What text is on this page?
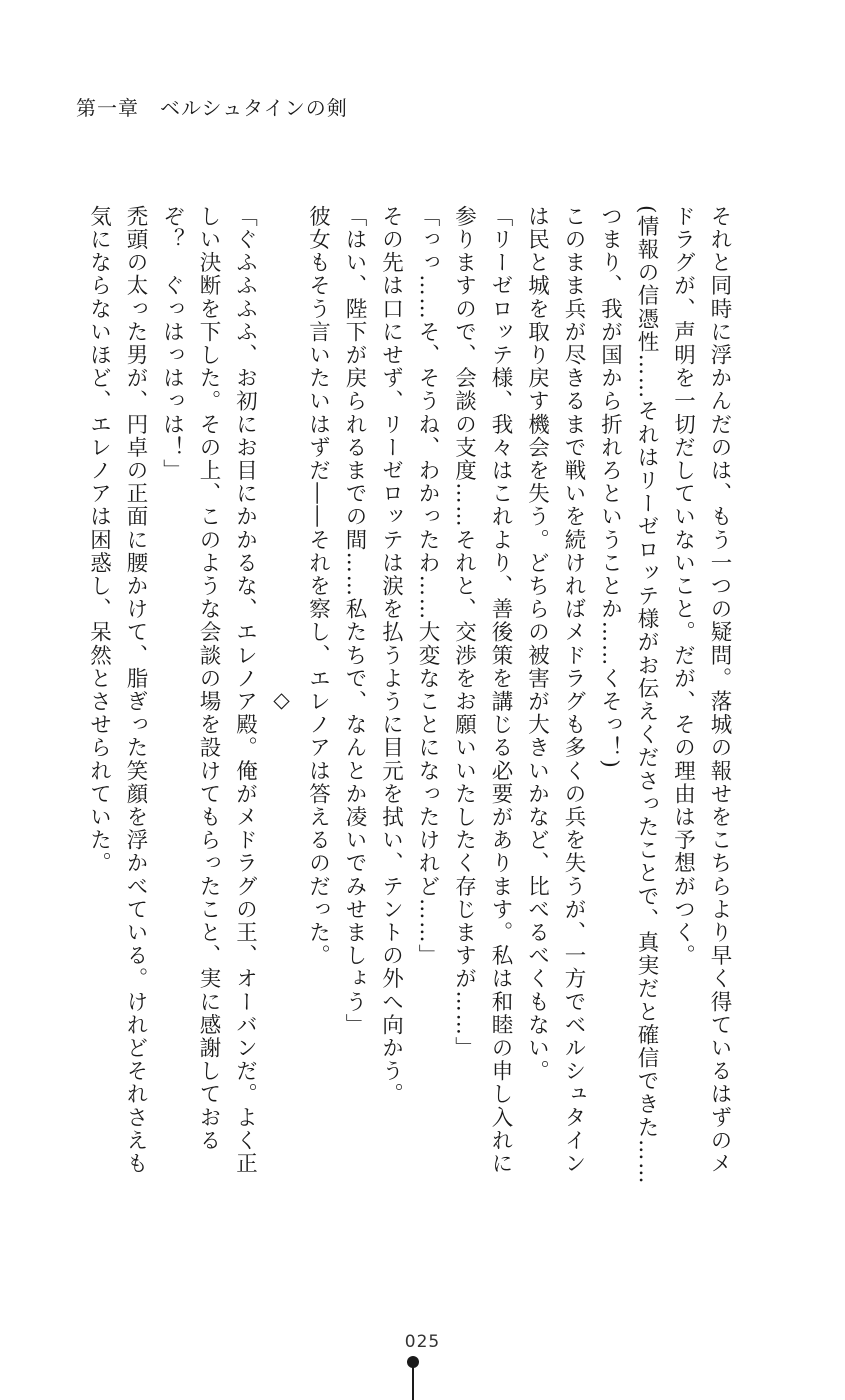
第一章　ベルシュタインの剣

それと同時に浮かんだのは、もう一つの疑問。落城の報せをこちらより早く得ているはずのメドラグが、声明を一切だしていないこと。だが、その理由は予想がつく。

(情報の信憑性……それはリーゼロッテ様がお伝えくださったことで、真実だと確信できた……つまり、我が国から折れろということか……くそっ！)

このまま兵が尽きるまで戦いを続ければメドラグも多くの兵を失うが、一方でベルシュタインは民と城を取り戻す機会を失う。どちらの被害が大きいかなど、比べるべくもない。

「リーゼロッテ様、我々はこれより、善後策を講じる必要があります。私は和睦の申し入れに参りますので、会談の支度……それと、交渉をお願いいたしたく存じますが……」

「っっ……そ、そうね、わかったわ……大変なことになったけれど……」

その先は口にせず、リーゼロッテは涙を払うように目元を拭い、テントの外へ向かう。

「はい、陛下が戻られるまでの間……私たちで、なんとか凌いでみせましょう」

彼女もそう言いたいはずだ――それを察し、エレノアは答えるのだった。

◇

「ぐふふふふ、お初にお目にかかるな、エレノア殿。俺がメドラグの王、オーバンだ。よく正しい決断を下した。その上、このような会談の場を設けてもらったこと、実に感謝しておるぞ？　ぐっはっはっは！」

禿頭の太った男が、円卓の正面に腰かけて、脂ぎった笑顔を浮かべている。けれどそれさえも気にならないほど、エレノアは困惑し、呆然とさせられていた。

025
